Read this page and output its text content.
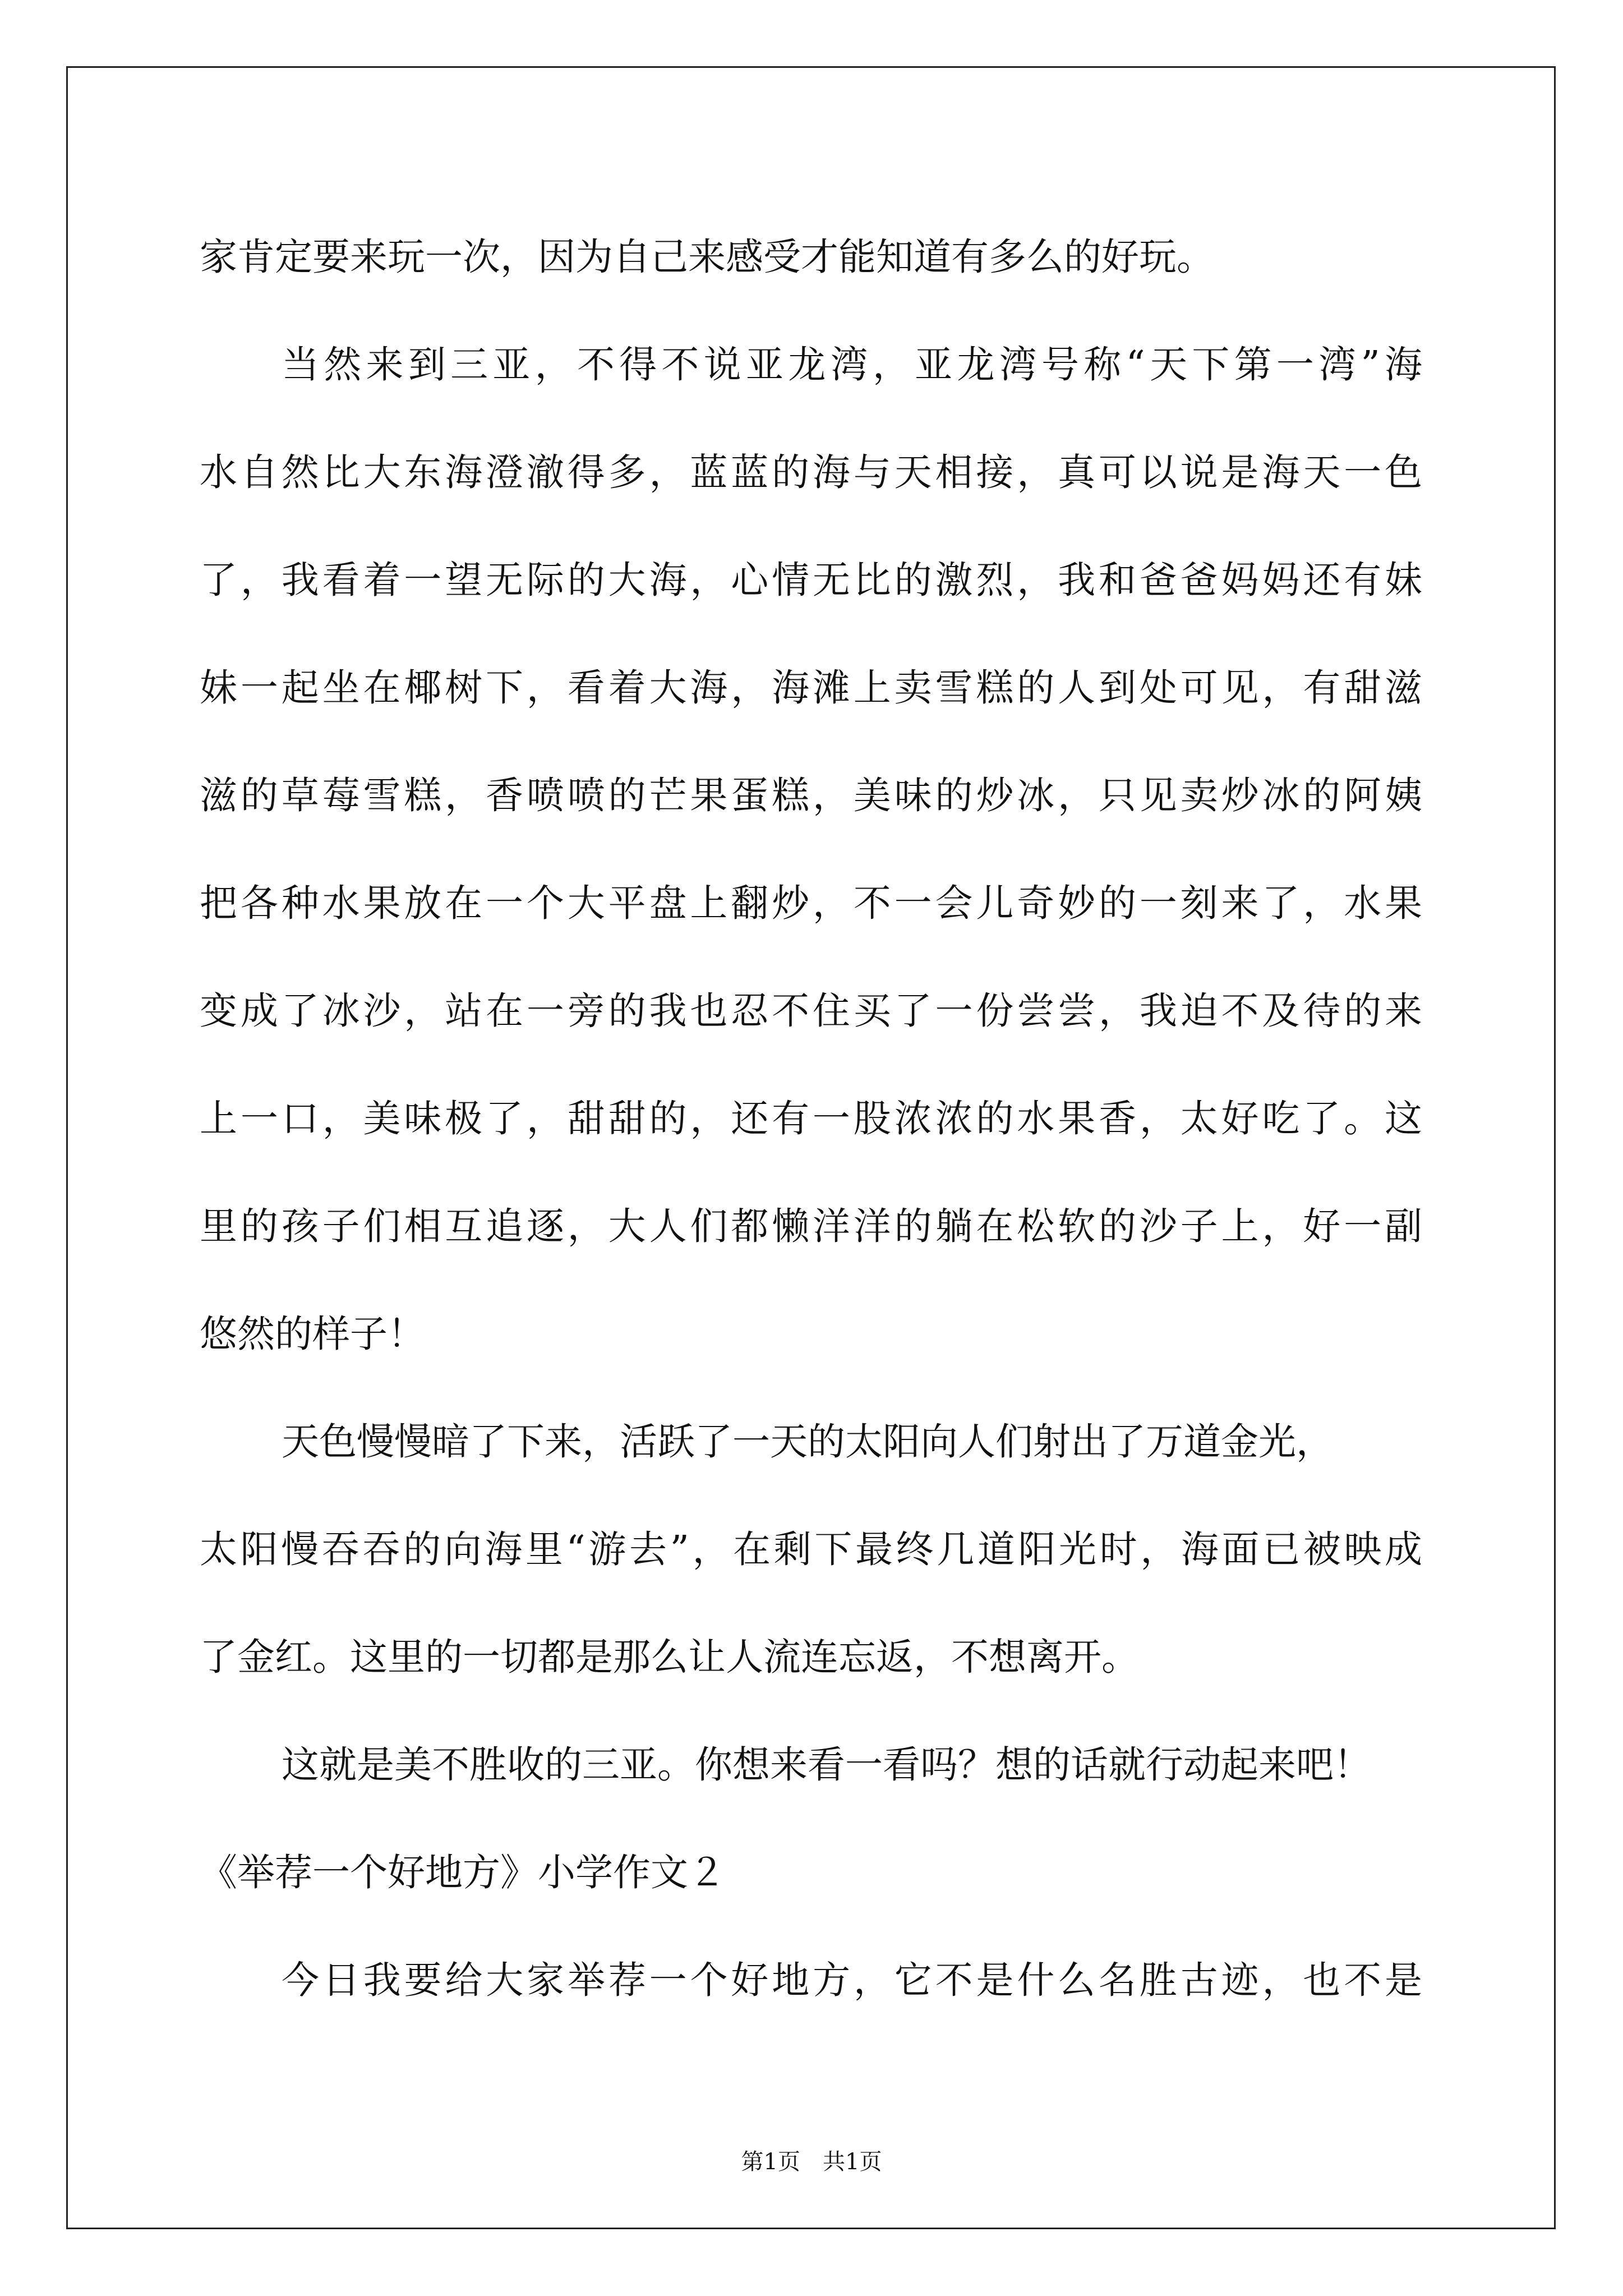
家肯定要来玩一次，因为自己来感受才能知道有多么的好玩。
当然来到三亚，不得不说亚龙湾，亚龙湾号称“天下第一湾”海
水自然比大东海澄澈得多，蓝蓝的海与天相接，真可以说是海天一色
了，我看着一望无际的大海，心情无比的激烈，我和爸爸妈妈还有妹
妹一起坐在椰树下，看着大海，海滩上卖雪糕的人到处可见，有甜滋
滋的草莓雪糕，香喷喷的芒果蛋糕，美味的炒冰，只见卖炒冰的阿姨
把各种水果放在一个大平盘上翻炒，不一会儿奇妙的一刻来了，水果
变成了冰沙，站在一旁的我也忍不住买了一份尝尝，我迫不及待的来
上一口，美味极了，甜甜的，还有一股浓浓的水果香，太好吃了。这
里的孩子们相互追逐，大人们都懒洋洋的躺在松软的沙子上，好一副
悠然的样子！
天色慢慢暗了下来，活跃了一天的太阳向人们射出了万道金光，
太阳慢吞吞的向海里“游去”，在剩下最终几道阳光时，海面已被映成
了金红。这里的一切都是那么让人流连忘返，不想离开。
这就是美不胜收的三亚。你想来看一看吗？想的话就行动起来吧！
《举荐一个好地方》小学作文２
今日我要给大家举荐一个好地方，它不是什么名胜古迹，也不是
第1页　共1页
